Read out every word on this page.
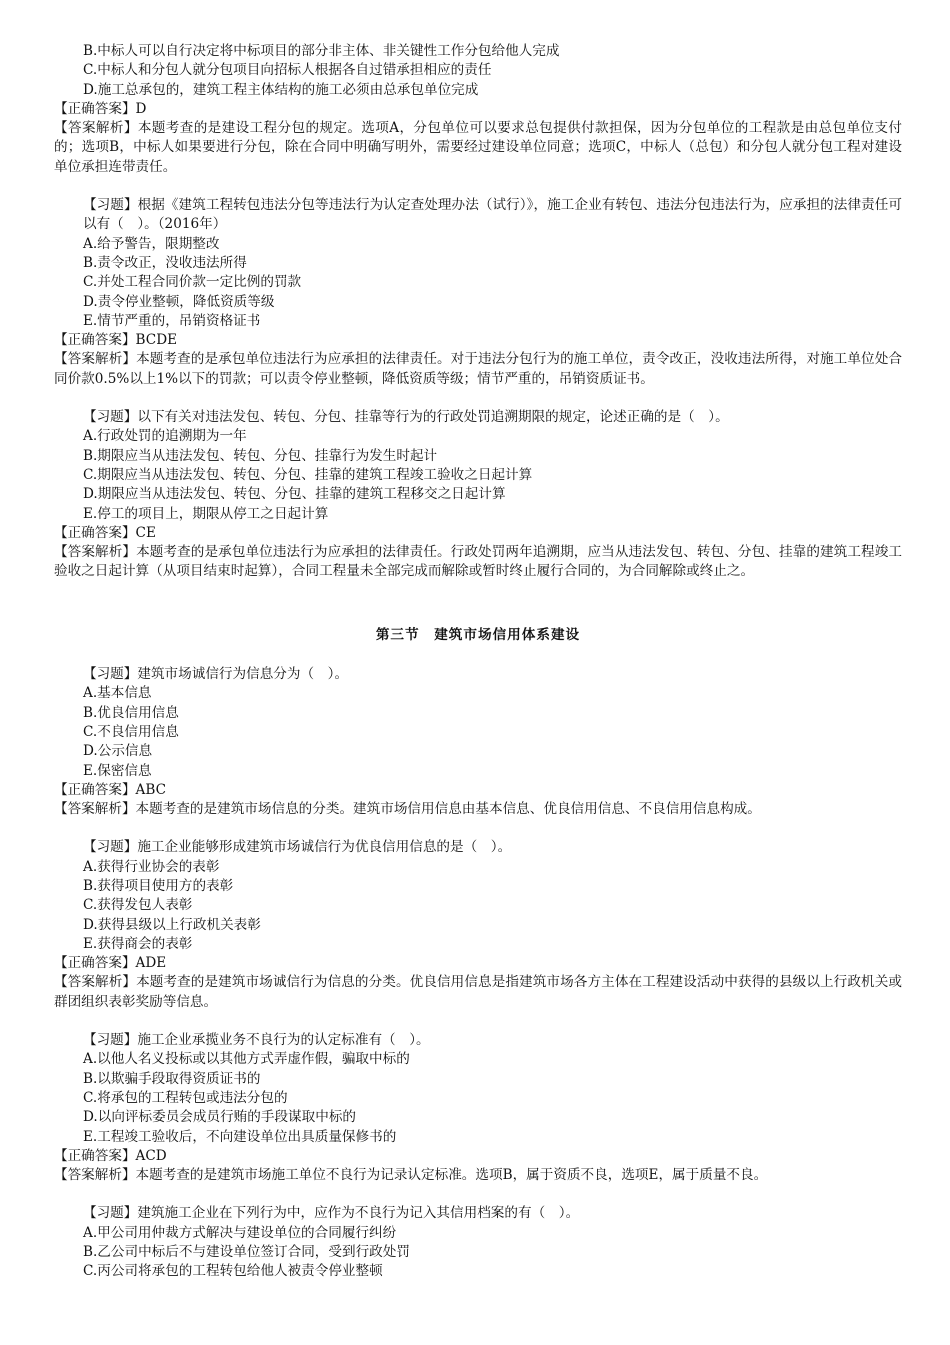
B.中标人可以自行决定将中标项目的部分非主体、非关键性工作分包给他人完成
C.中标人和分包人就分包项目向招标人根据各自过错承担相应的责任
D.施工总承包的，建筑工程主体结构的施工必须由总承包单位完成
【正确答案】D
【答案解析】本题考查的是建设工程分包的规定。选项A，分包单位可以要求总包提供付款担保，因为分包单位的工程款是由总包单位支付的；选项B，中标人如果要进行分包，除在合同中明确写明外，需要经过建设单位同意；选项C，中标人（总包）和分包人就分包工程对建设单位承担连带责任。
【习题】根据《建筑工程转包违法分包等违法行为认定查处理办法（试行）》，施工企业有转包、违法分包违法行为，应承担的法律责任可以有（　）。（2016年）
A.给予警告，限期整改
B.责令改正，没收违法所得
C.并处工程合同价款一定比例的罚款
D.责令停业整顿，降低资质等级
E.情节严重的，吊销资格证书
【正确答案】BCDE
【答案解析】本题考查的是承包单位违法行为应承担的法律责任。对于违法分包行为的施工单位，责令改正，没收违法所得，对施工单位处合同价款0.5%以上1%以下的罚款；可以责令停业整顿，降低资质等级；情节严重的，吊销资质证书。
【习题】以下有关对违法发包、转包、分包、挂靠等行为的行政处罚追溯期限的规定，论述正确的是（　）。
A.行政处罚的追溯期为一年
B.期限应当从违法发包、转包、分包、挂靠行为发生时起计
C.期限应当从违法发包、转包、分包、挂靠的建筑工程竣工验收之日起计算
D.期限应当从违法发包、转包、分包、挂靠的建筑工程移交之日起计算
E.停工的项目上，期限从停工之日起计算
【正确答案】CE
【答案解析】本题考查的是承包单位违法行为应承担的法律责任。行政处罚两年追溯期，应当从违法发包、转包、分包、挂靠的建筑工程竣工验收之日起计算（从项目结束时起算），合同工程量未全部完成而解除或暂时终止履行合同的，为合同解除或终止之。
第三节　建筑市场信用体系建设
【习题】建筑市场诚信行为信息分为（　）。
A.基本信息
B.优良信用信息
C.不良信用信息
D.公示信息
E.保密信息
【正确答案】ABC
【答案解析】本题考查的是建筑市场信息的分类。建筑市场信用信息由基本信息、优良信用信息、不良信用信息构成。
【习题】施工企业能够形成建筑市场诚信行为优良信用信息的是（　）。
A.获得行业协会的表彰
B.获得项目使用方的表彰
C.获得发包人表彰
D.获得县级以上行政机关表彰
E.获得商会的表彰
【正确答案】ADE
【答案解析】本题考查的是建筑市场诚信行为信息的分类。优良信用信息是指建筑市场各方主体在工程建设活动中获得的县级以上行政机关或群团组织表彰奖励等信息。
【习题】施工企业承揽业务不良行为的认定标准有（　）。
A.以他人名义投标或以其他方式弄虚作假，骗取中标的
B.以欺骗手段取得资质证书的
C.将承包的工程转包或违法分包的
D.以向评标委员会成员行贿的手段谋取中标的
E.工程竣工验收后，不向建设单位出具质量保修书的
【正确答案】ACD
【答案解析】本题考查的是建筑市场施工单位不良行为记录认定标准。选项B，属于资质不良，选项E，属于质量不良。
【习题】建筑施工企业在下列行为中，应作为不良行为记入其信用档案的有（　）。
A.甲公司用仲裁方式解决与建设单位的合同履行纠纷
B.乙公司中标后不与建设单位签订合同，受到行政处罚
C.丙公司将承包的工程转包给他人被责令停业整顿
